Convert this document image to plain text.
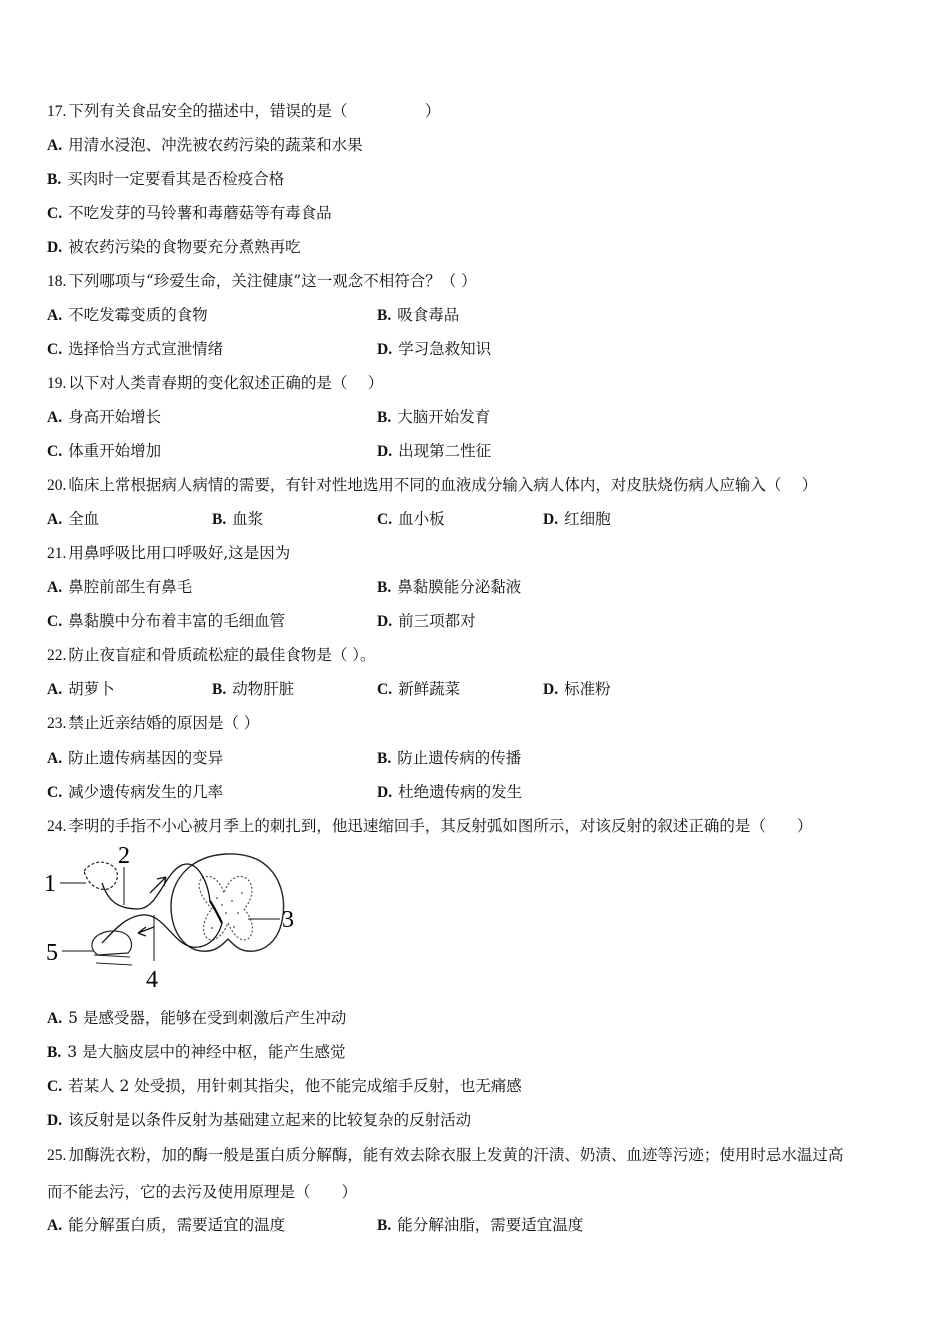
17. 下列有关食品安全的描述中，错误的是（　　　　　）
A. 用清水浸泡、冲洗被农药污染的蔬菜和水果
B. 买肉时一定要看其是否检疫合格
C. 不吃发芽的马铃薯和毒蘑菇等有毒食品
D. 被农药污染的食物要充分煮熟再吃
18. 下列哪项与“珍爱生命，关注健康”这一观念不相符合？（ ）
A. 不吃发霉变质的食物	B. 吸食毒品
C. 选择恰当方式宣泄情绪	D. 学习急救知识
19. 以下对人类青春期的变化叙述正确的是（　 ）
A. 身高开始增长	B. 大脑开始发育
C. 体重开始增加	D. 出现第二性征
20. 临床上常根据病人病情的需要，有针对性地选用不同的血液成分输入病人体内，对皮肤烧伤病人应输入（　 ）
A. 全血	B. 血浆	C. 血小板	D. 红细胞
21. 用鼻呼吸比用口呼吸好,这是因为
A. 鼻腔前部生有鼻毛	B. 鼻黏膜能分泌黏液
C. 鼻黏膜中分布着丰富的毛细血管	D. 前三项都对
22. 防止夜盲症和骨质疏松症的最佳食物是（ ）。
A. 胡萝卜	B. 动物肝脏	C. 新鲜蔬菜	D. 标准粉
23. 禁止近亲结婚的原因是（ ）
A. 防止遗传病基因的变异	B. 防止遗传病的传播
C. 减少遗传病发生的几率	D. 杜绝遗传病的发生
24. 李明的手指不小心被月季上的刺扎到，他迅速缩回手，其反射弧如图所示，对该反射的叙述正确的是（　　）
1
2
3
4
5
A. 5 是感受器，能够在受到刺激后产生冲动
B. 3 是大脑皮层中的神经中枢，能产生感觉
C. 若某人 2 处受损，用针刺其指尖，他不能完成缩手反射，也无痛感
D. 该反射是以条件反射为基础建立起来的比较复杂的反射活动
25. 加酶洗衣粉，加的酶一般是蛋白质分解酶，能有效去除衣服上发黄的汗渍、奶渍、血迹等污迹；使用时忌水温过高
而不能去污，它的去污及使用原理是（　　）
A. 能分解蛋白质，需要适宜的温度	B. 能分解油脂，需要适宜温度
